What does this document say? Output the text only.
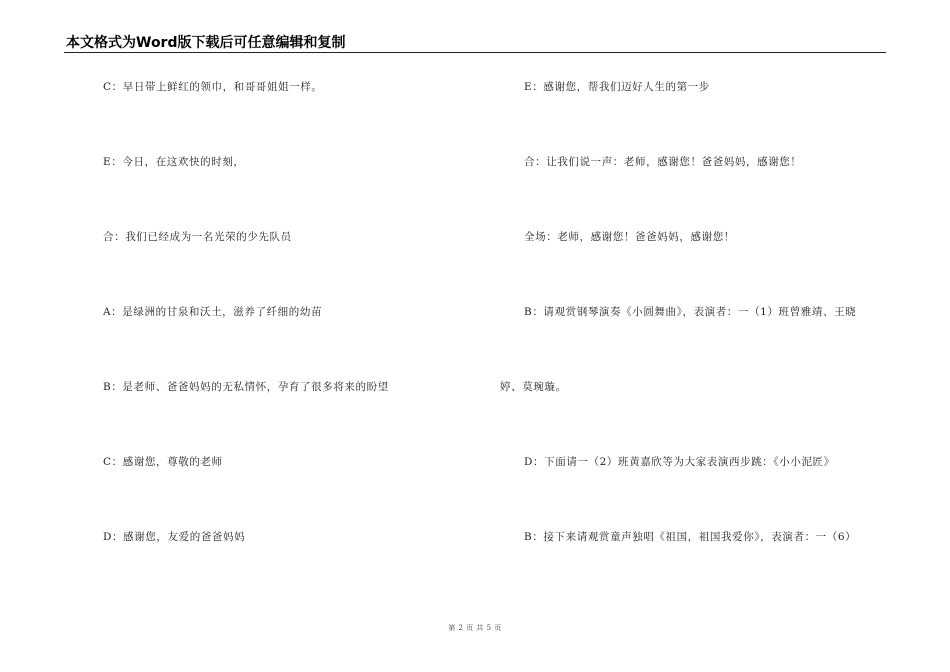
本文格式为Word版下载后可任意编辑和复制
C：早日带上鲜红的领巾，和哥哥姐姐一样。
E：今日，在这欢快的时刻，
合：我们已经成为一名光荣的少先队员
A：是绿洲的甘泉和沃土，滋养了纤细的幼苗
B：是老师、爸爸妈妈的无私情怀，孕育了很多将来的盼望
C：感谢您，尊敬的老师
D：感谢您，友爱的爸爸妈妈
E：感谢您，帮我们迈好人生的第一步
合：让我们说一声：老师，感谢您！爸爸妈妈，感谢您！
全场：老师，感谢您！爸爸妈妈，感谢您！
B：请观赏钢琴演奏《小圆舞曲》，表演者：一（1）班曾雅靖、王晓
婷、莫琬璇。
D：下面请一（2）班黄嘉欣等为大家表演西步跳：《小小泥匠》
B：接下来请观赏童声独唱《祖国，祖国我爱你》，表演者：一（6）
第 2 页 共 5 页
